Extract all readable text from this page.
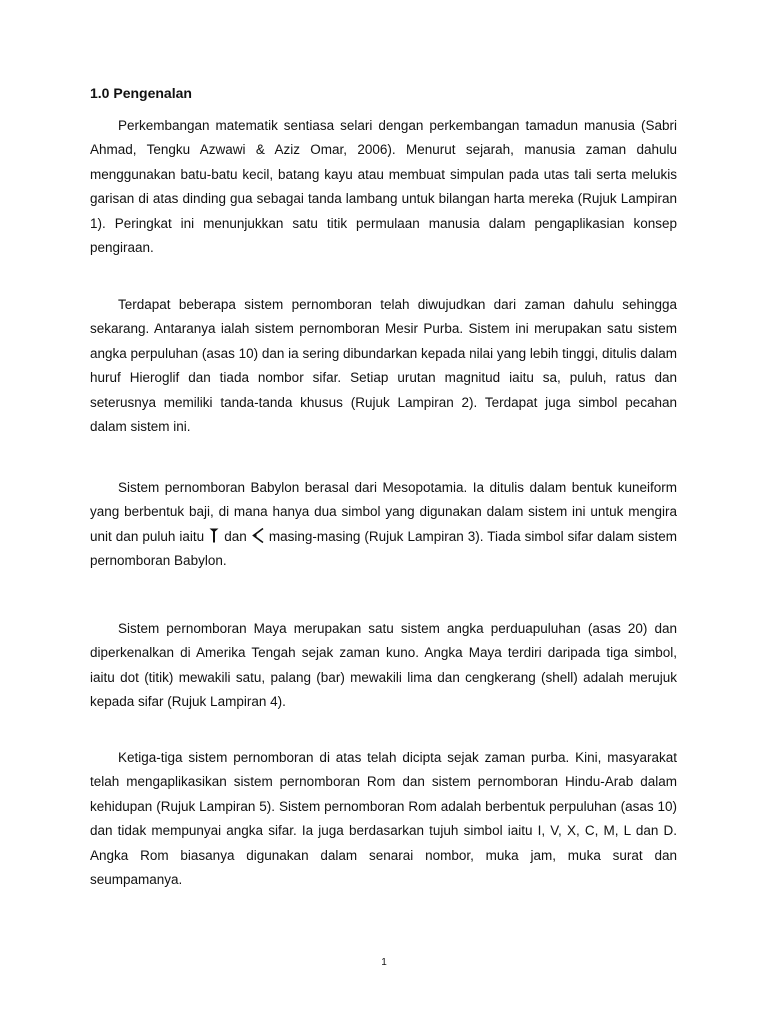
1.0 Pengenalan

Perkembangan matematik sentiasa selari dengan perkembangan tamadun manusia (Sabri Ahmad, Tengku Azwawi & Aziz Omar, 2006). Menurut sejarah, manusia zaman dahulu menggunakan batu-batu kecil, batang kayu atau membuat simpulan pada utas tali serta melukis garisan di atas dinding gua sebagai tanda lambang untuk bilangan harta mereka (Rujuk Lampiran 1). Peringkat ini menunjukkan satu titik permulaan manusia dalam pengaplikasian konsep pengiraan.

Terdapat beberapa sistem pernomboran telah diwujudkan dari zaman dahulu sehingga sekarang. Antaranya ialah sistem pernomboran Mesir Purba. Sistem ini merupakan satu sistem angka perpuluhan (asas 10) dan ia sering dibundarkan kepada nilai yang lebih tinggi, ditulis dalam huruf Hieroglif dan tiada nombor sifar. Setiap urutan magnitud iaitu sa, puluh, ratus dan seterusnya memiliki tanda-tanda khusus (Rujuk Lampiran 2). Terdapat juga simbol pecahan dalam sistem ini.

Sistem pernomboran Babylon berasal dari Mesopotamia. Ia ditulis dalam bentuk kuneiform yang berbentuk baji, di mana hanya dua simbol yang digunakan dalam sistem ini untuk mengira unit dan puluh iaitu
dan
masing-masing (Rujuk Lampiran 3). Tiada simbol sifar dalam sistem pernomboran Babylon.

Sistem pernomboran Maya merupakan satu sistem angka perduapuluhan (asas 20) dan diperkenalkan di Amerika Tengah sejak zaman kuno. Angka Maya terdiri daripada tiga simbol, iaitu dot (titik) mewakili satu, palang (bar) mewakili lima dan cengkerang (shell) adalah merujuk kepada sifar (Rujuk Lampiran 4).

Ketiga-tiga sistem pernomboran di atas telah dicipta sejak zaman purba. Kini, masyarakat telah mengaplikasikan sistem pernomboran Rom dan sistem pernomboran Hindu-Arab dalam kehidupan (Rujuk Lampiran 5). Sistem pernomboran Rom adalah berbentuk perpuluhan (asas 10) dan tidak mempunyai angka sifar. Ia juga berdasarkan tujuh simbol iaitu I, V, X, C, M, L dan D. Angka Rom biasanya digunakan dalam senarai nombor, muka jam, muka surat dan seumpamanya.

1
